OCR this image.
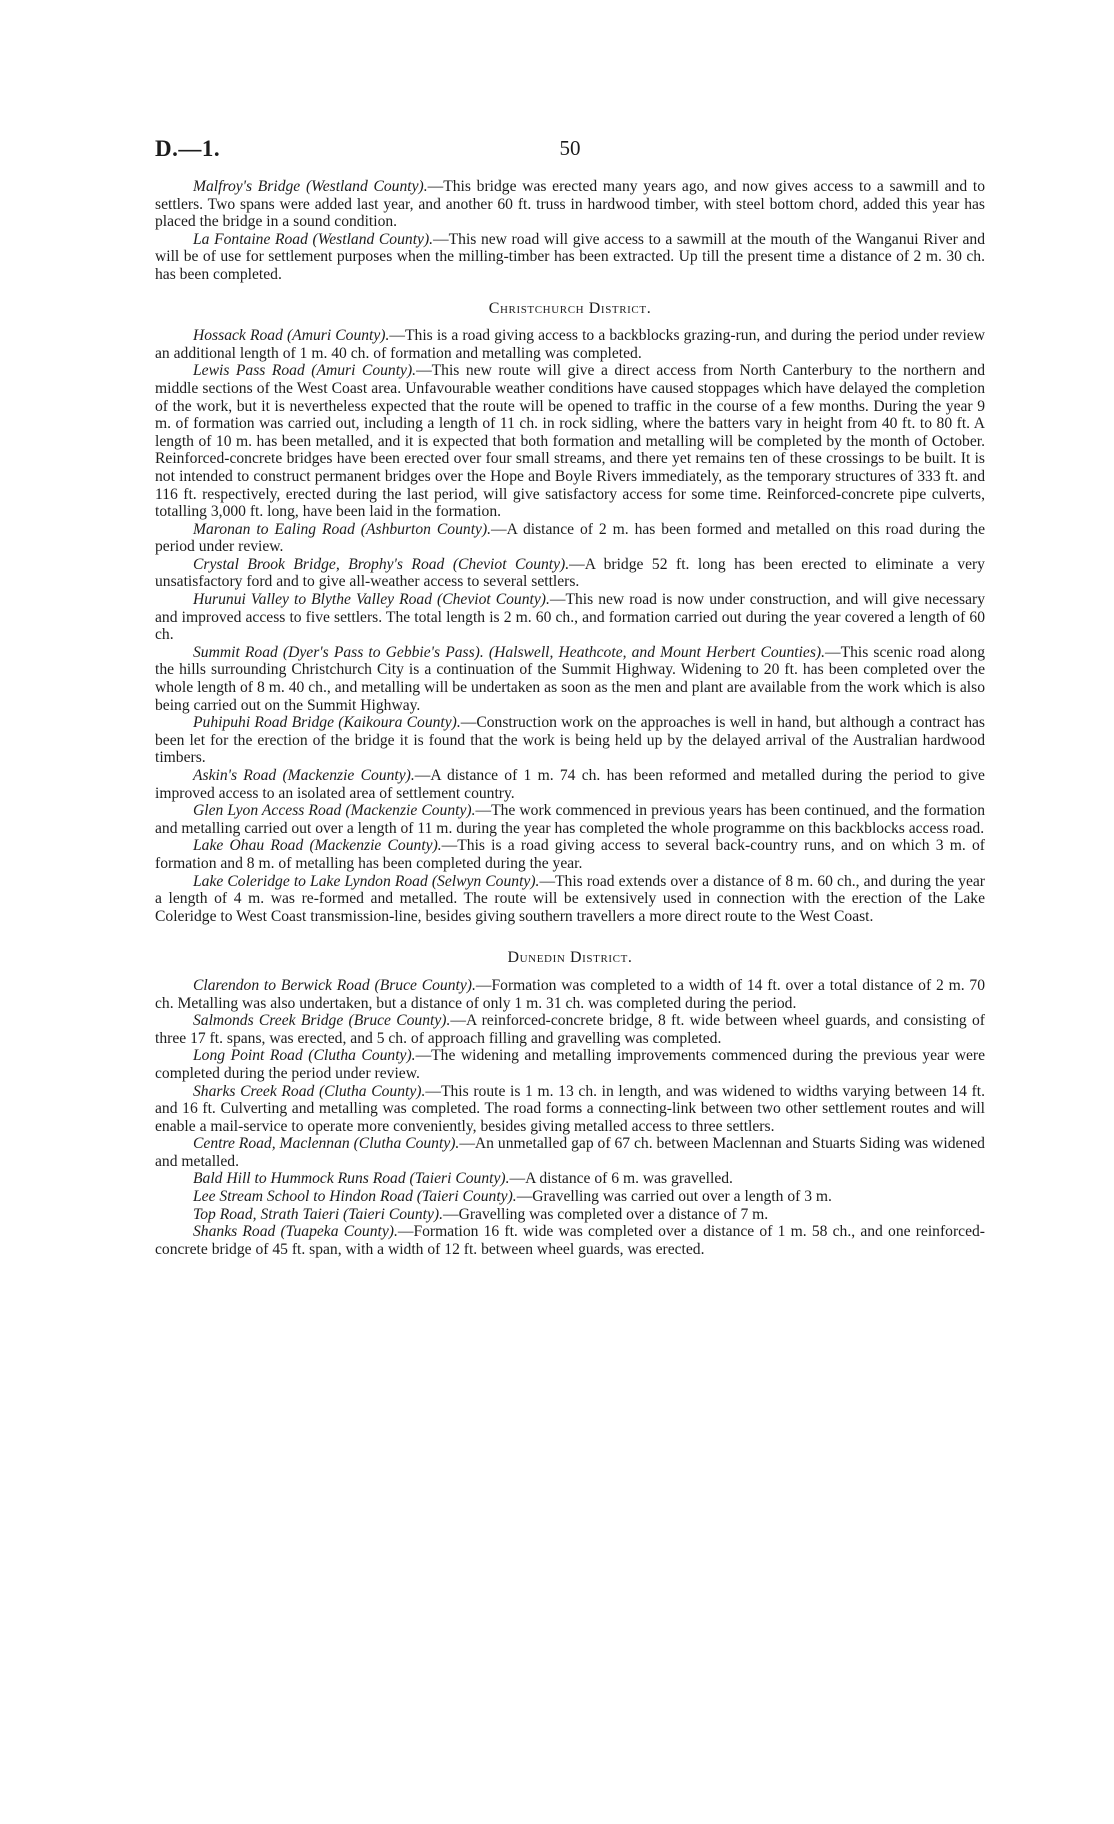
D.—1.	50

Malfroy's Bridge (Westland County).—This bridge was erected many years ago, and now gives access to a sawmill and to settlers. Two spans were added last year, and another 60 ft. truss in hardwood timber, with steel bottom chord, added this year has placed the bridge in a sound condition.

La Fontaine Road (Westland County).—This new road will give access to a sawmill at the mouth of the Wanganui River and will be of use for settlement purposes when the milling-timber has been extracted. Up till the present time a distance of 2 m. 30 ch. has been completed.

Christchurch District.

Hossack Road (Amuri County).—This is a road giving access to a backblocks grazing-run, and during the period under review an additional length of 1 m. 40 ch. of formation and metalling was completed.

Lewis Pass Road (Amuri County).—This new route will give a direct access from North Canterbury to the northern and middle sections of the West Coast area. Unfavourable weather conditions have caused stoppages which have delayed the completion of the work, but it is nevertheless expected that the route will be opened to traffic in the course of a few months. During the year 9 m. of formation was carried out, including a length of 11 ch. in rock sidling, where the batters vary in height from 40 ft. to 80 ft. A length of 10 m. has been metalled, and it is expected that both formation and metalling will be completed by the month of October. Reinforced-concrete bridges have been erected over four small streams, and there yet remains ten of these crossings to be built. It is not intended to construct permanent bridges over the Hope and Boyle Rivers immediately, as the temporary structures of 333 ft. and 116 ft. respectively, erected during the last period, will give satisfactory access for some time. Reinforced-concrete pipe culverts, totalling 3,000 ft. long, have been laid in the formation.

Maronan to Ealing Road (Ashburton County).—A distance of 2 m. has been formed and metalled on this road during the period under review.

Crystal Brook Bridge, Brophy's Road (Cheviot County).—A bridge 52 ft. long has been erected to eliminate a very unsatisfactory ford and to give all-weather access to several settlers.

Hurunui Valley to Blythe Valley Road (Cheviot County).—This new road is now under construction, and will give necessary and improved access to five settlers. The total length is 2 m. 60 ch., and formation carried out during the year covered a length of 60 ch.

Summit Road (Dyer's Pass to Gebbie's Pass). (Halswell, Heathcote, and Mount Herbert Counties).—This scenic road along the hills surrounding Christchurch City is a continuation of the Summit Highway. Widening to 20 ft. has been completed over the whole length of 8 m. 40 ch., and metalling will be undertaken as soon as the men and plant are available from the work which is also being carried out on the Summit Highway.

Puhipuhi Road Bridge (Kaikoura County).—Construction work on the approaches is well in hand, but although a contract has been let for the erection of the bridge it is found that the work is being held up by the delayed arrival of the Australian hardwood timbers.

Askin's Road (Mackenzie County).—A distance of 1 m. 74 ch. has been reformed and metalled during the period to give improved access to an isolated area of settlement country.

Glen Lyon Access Road (Mackenzie County).—The work commenced in previous years has been continued, and the formation and metalling carried out over a length of 11 m. during the year has completed the whole programme on this backblocks access road.

Lake Ohau Road (Mackenzie County).—This is a road giving access to several back-country runs, and on which 3 m. of formation and 8 m. of metalling has been completed during the year.

Lake Coleridge to Lake Lyndon Road (Selwyn County).—This road extends over a distance of 8 m. 60 ch., and during the year a length of 4 m. was re-formed and metalled. The route will be extensively used in connection with the erection of the Lake Coleridge to West Coast transmission-line, besides giving southern travellers a more direct route to the West Coast.

Dunedin District.

Clarendon to Berwick Road (Bruce County).—Formation was completed to a width of 14 ft. over a total distance of 2 m. 70 ch. Metalling was also undertaken, but a distance of only 1 m. 31 ch. was completed during the period.

Salmonds Creek Bridge (Bruce County).—A reinforced-concrete bridge, 8 ft. wide between wheel guards, and consisting of three 17 ft. spans, was erected, and 5 ch. of approach filling and gravelling was completed.

Long Point Road (Clutha County).—The widening and metalling improvements commenced during the previous year were completed during the period under review.

Sharks Creek Road (Clutha County).—This route is 1 m. 13 ch. in length, and was widened to widths varying between 14 ft. and 16 ft. Culverting and metalling was completed. The road forms a connecting-link between two other settlement routes and will enable a mail-service to operate more conveniently, besides giving metalled access to three settlers.

Centre Road, Maclennan (Clutha County).—An unmetalled gap of 67 ch. between Maclennan and Stuarts Siding was widened and metalled.

Bald Hill to Hummock Runs Road (Taieri County).—A distance of 6 m. was gravelled.

Lee Stream School to Hindon Road (Taieri County).—Gravelling was carried out over a length of 3 m.

Top Road, Strath Taieri (Taieri County).—Gravelling was completed over a distance of 7 m.

Shanks Road (Tuapeka County).—Formation 16 ft. wide was completed over a distance of 1 m. 58 ch., and one reinforced-concrete bridge of 45 ft. span, with a width of 12 ft. between wheel guards, was erected.
